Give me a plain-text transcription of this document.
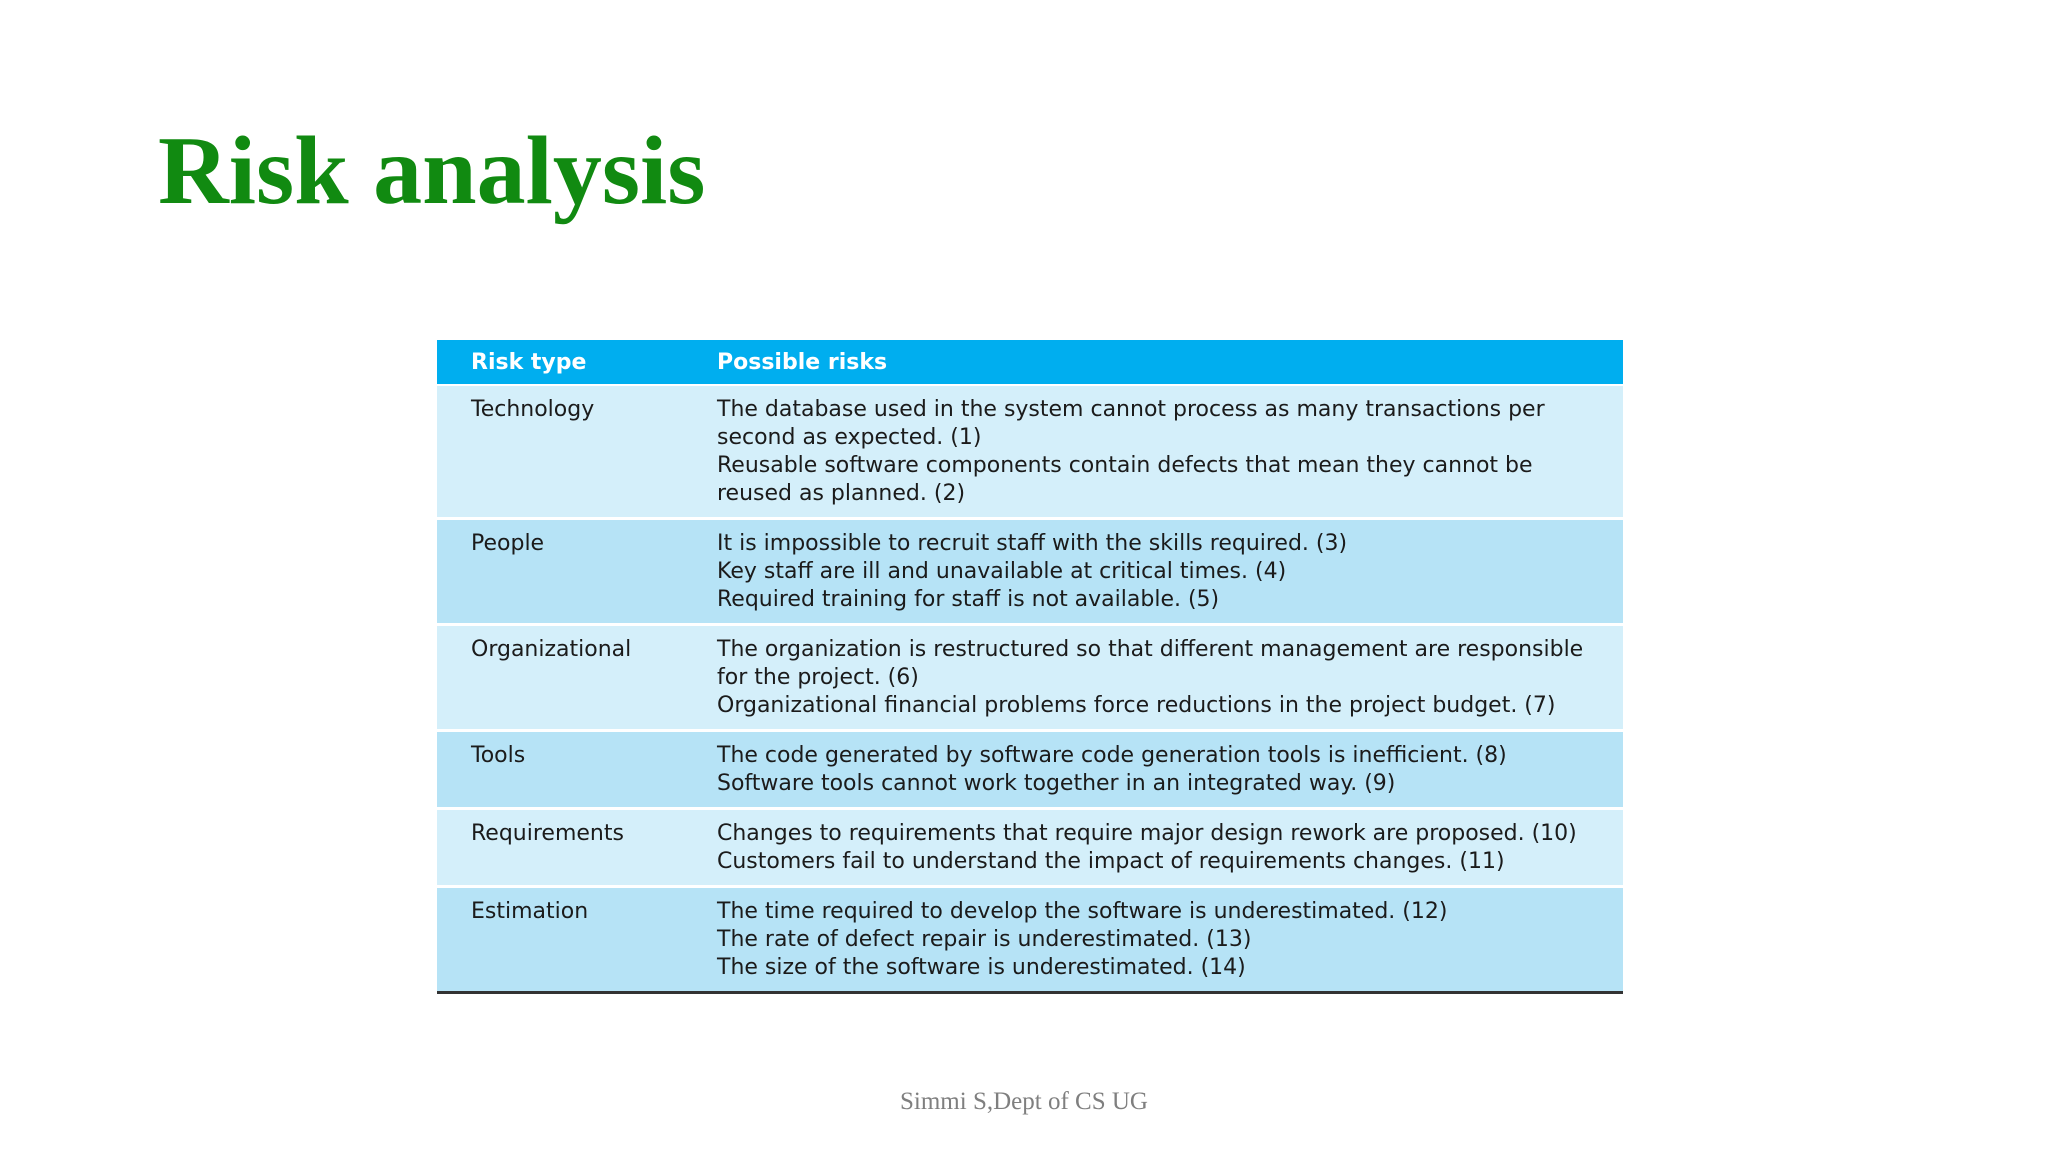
Risk analysis
Risk type	Possible risks
Technology	The database used in the system cannot process as many transactions per second as expected. (1)
Reusable software components contain defects that mean they cannot be reused as planned. (2)

People	It is impossible to recruit staff with the skills required. (3)
Key staff are ill and unavailable at critical times. (4)
Required training for staff is not available. (5)

Organizational	The organization is restructured so that different management are responsible for the project. (6)
Organizational financial problems force reductions in the project budget. (7)

Tools	The code generated by software code generation tools is inefficient. (8)
Software tools cannot work together in an integrated way. (9)

Requirements	Changes to requirements that require major design rework are proposed. (10)
Customers fail to understand the impact of requirements changes. (11)

Estimation	The time required to develop the software is underestimated. (12)
The rate of defect repair is underestimated. (13)
The size of the software is underestimated. (14)
Simmi S,Dept of CS UG
